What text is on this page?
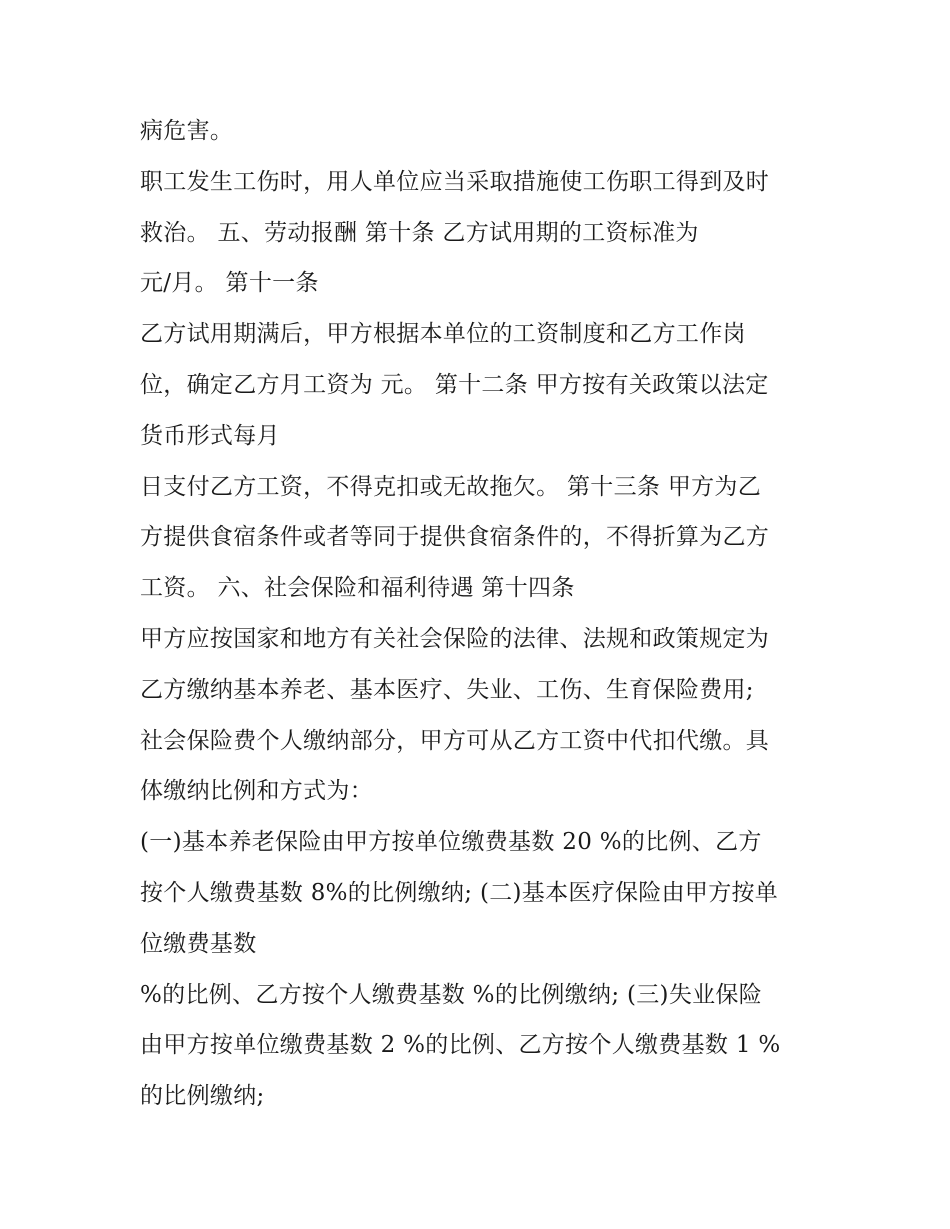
病危害。
职工发生工伤时，用人单位应当采取措施使工伤职工得到及时
救治。 五、劳动报酬 第十条 乙方试用期的工资标准为
元/月。 第十一条
乙方试用期满后，甲方根据本单位的工资制度和乙方工作岗
位，确定乙方月工资为 元。 第十二条 甲方按有关政策以法定
货币形式每月
日支付乙方工资，不得克扣或无故拖欠。 第十三条 甲方为乙
方提供食宿条件或者等同于提供食宿条件的，不得折算为乙方
工资。 六、社会保险和福利待遇 第十四条
甲方应按国家和地方有关社会保险的法律、法规和政策规定为
乙方缴纳基本养老、基本医疗、失业、工伤、生育保险费用;
社会保险费个人缴纳部分，甲方可从乙方工资中代扣代缴。具
体缴纳比例和方式为：
(一)基本养老保险由甲方按单位缴费基数 20 %的比例、乙方
按个人缴费基数 8%的比例缴纳; (二)基本医疗保险由甲方按单
位缴费基数
%的比例、乙方按个人缴费基数 %的比例缴纳; (三)失业保险
由甲方按单位缴费基数 2 %的比例、乙方按个人缴费基数 1 %
的比例缴纳;
